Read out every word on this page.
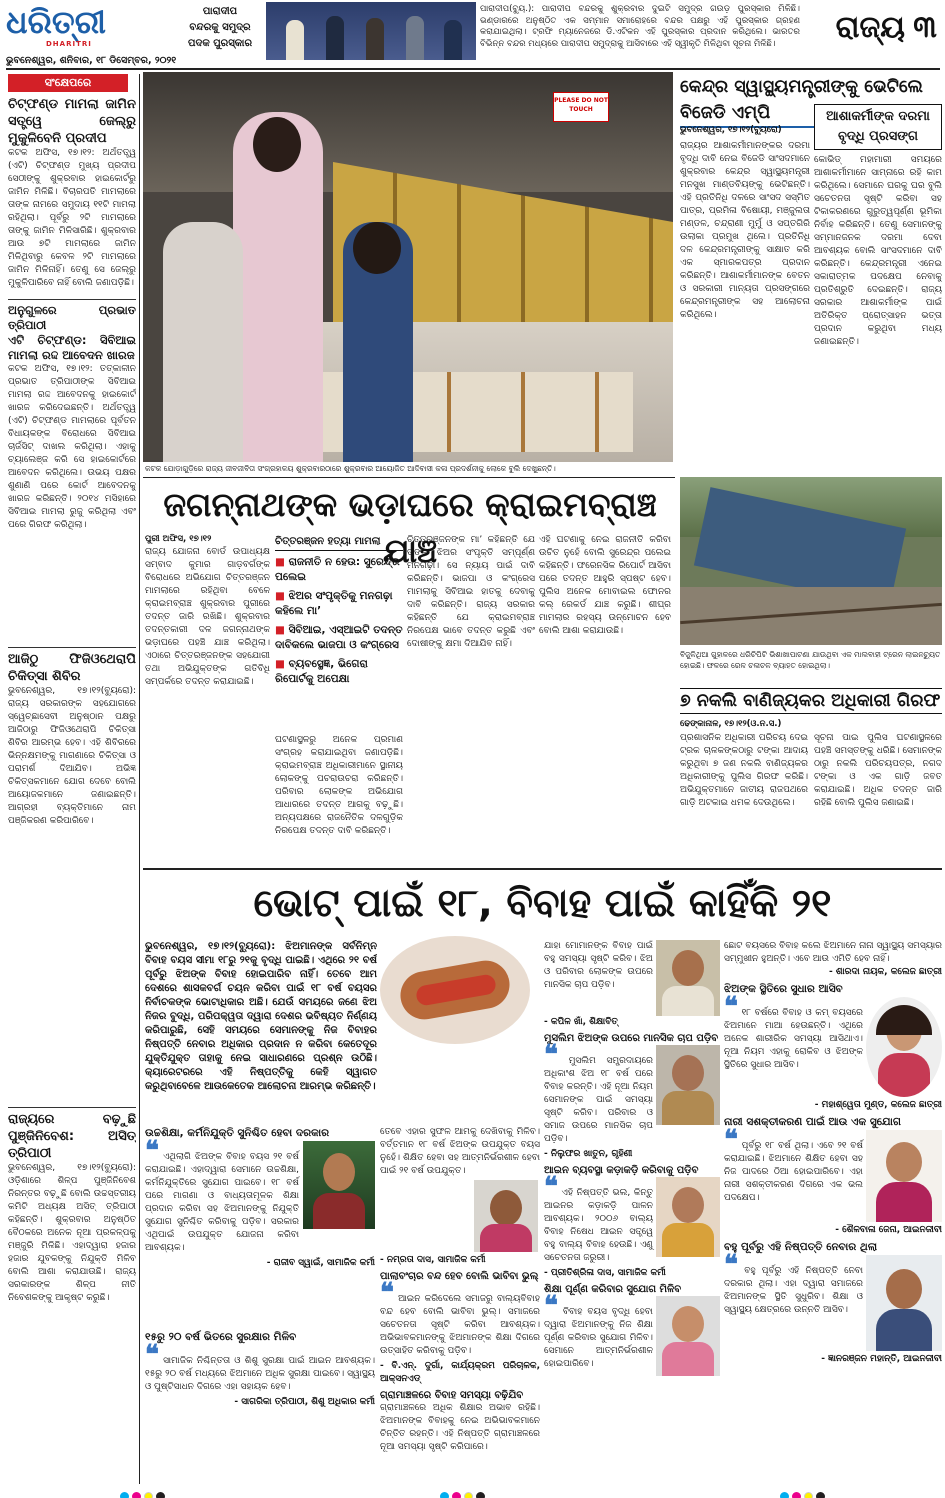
ଧରିତ୍ରୀ
DHARITRI
ପାରାଦୀପ
ବନ୍ଦରକୁ ସମୁଦ୍ର
ପଦକ ପୁରସ୍କାର
ପାରାଦୀପ(ବ୍ୟୁ.): ପାରାଦୀପ ବନ୍ଦରକୁ ଶୁକ୍ରବାର ଦୁଇଟି ସମୁଦ୍ର ଗଉଡ଼ ପୁରସ୍କାର ମିଳିଛି। ଭଣ୍ଡାରରେ ଅନୁଷ୍ଠିତ ଏକ ସମ୍ମାନ ସମାରୋହରେ ବନ୍ଦର ପକ୍ଷରୁ ଏହି ପୁରସ୍କାର ଗ୍ରହଣ କରାଯାଇଥିଲା। ଟ୍ରଫି ମ୍ୟାନେଜରେ ଡି.ଏଟିକନ ଏହି ପୁରସ୍କାର ପ୍ରଦାନ କରିଥିଲେ। ଭାରତର ବିଭିନ୍ନ ବନ୍ଦର ମଧ୍ୟରେ ପାରାଦୀପ ସମୁଦ୍ରାକୁ ଆସିବାରେ ଏହି ସ୍ୱୀକୃତି ମିଳିଥିବା ସୂଚନା ମିଳିଛି।	ରାଜ୍ୟ ୩
ଭୁବନେଶ୍ୱର, ଶନିବାର, ୧୮ ଡିସେମ୍ବର, ୨୦୨୧
ସଂକ୍ଷେପରେ
ଚିଟ୍‌ଫଣ୍ଡ ମାମଲା ଜାମିନ ସତ୍ତ୍ୱେ ଜେଲ୍‌ରୁ ମୁକୁଳିବେନି ପ୍ରଦୀପ

କଟକ ଅଫିସ, ୧୭।୧୨: ଅର୍ଥତତ୍ତ୍ୱ (ଏଟି) ଚିଟ୍‌ଫଣ୍ଡ ମୁଖ୍ୟ ପ୍ରଦୀପ ସେଠୀଙ୍କୁ ଶୁକ୍ରବାର ହାଇକୋର୍ଟରୁ ଜାମିନ ମିଳିଛି। ବିଚାରପତି ମାମଲାରେ ତାଙ୍କ ନାମରେ ସମୁଦାୟ ୧୧ଟି ମାମଲା ରହିଥିଲା। ପୂର୍ବରୁ ୨ଟି ମାମଲାରେ ତାଙ୍କୁ ଜାମିନ ମିଳିସାରିଛି। ଶୁକ୍ରବାର ଆଉ ୭ଟି ମାମଲାରେ ଜାମିନ ମିଳିଥିବାରୁ କେବଳ ୨ଟି ମାମଲାରେ ଜାମିନ ମିଳିନାହିଁ। ତେଣୁ ସେ ଜେଲ୍‌ରୁ ମୁକୁଳିପାରିବେ ନାହିଁ ବୋଲି ଜଣାପଡ଼ିଛି।

ଅନୁଗୁଳରେ ପ୍ରଭାତ ତ୍ରିପାଠୀ
ଏଟି ଚିଟ୍‌ଫଣ୍ଡ: ସିବିଆଇ ମାମଲା ରଦ୍ଦ ଆବେଦନ ଖାରଜ

କଟକ ଅଫିସ, ୧୭।୧୨: ତତ୍କାଳୀନ ପ୍ରଭାତ ତ୍ରିପାଠୀଙ୍କ ସିବିଆଇ ମାମଲା ରଦ୍ଦ ଆବେଦନକୁ ହାଇକୋର୍ଟ ଖାରଜ କରିଦେଇଛନ୍ତି। ଅର୍ଥତତ୍ତ୍ୱ (ଏଟି) ଚିଟ୍‌ଫଣ୍ଡ ମାମଲାରେ ପୂର୍ବତନ ବିଧାୟକଙ୍କ ବିରୋଧରେ ସିବିଆଇ ଚାର୍ଜସିଟ୍ ଦାଖଲ କରିଥିଲା। ଏହାକୁ ଚ୍ୟାଲେଞ୍ଜ କରି ସେ ହାଇକୋର୍ଟରେ ଆବେଦନ କରିଥିଲେ। ଉଭୟ ପକ୍ଷର ଶୁଣାଣି ପରେ କୋର୍ଟ ଆବେଦନକୁ ଖାରଜ କରିଛନ୍ତି। ୨୦୧୪ ମସିହାରେ ସିବିଆଇ ମାମଲା ରୁଜୁ କରିଥିଲା ଏବଂ ପରେ ଗିରଫ କରିଥିଲା।

ଆଜିଠୁ ଫିଜିଓଥେରାପି ଚିକିତ୍ସା ଶିବିର

ଭୁବନେଶ୍ୱର, ୧୭।୧୨(ବ୍ୟୁରୋ): ରାଜ୍ୟ ସରକାରଙ୍କ ସହଯୋଗରେ ସ୍ୱେଚ୍ଛାସେବୀ ଅନୁଷ୍ଠାନ ପକ୍ଷରୁ ଆଜିଠାରୁ ଫିଜିଓଥେରାପି ଚିକିତ୍ସା ଶିବିର ଆରମ୍ଭ ହେବ। ଏହି ଶିବିରରେ ଭିନ୍ନକ୍ଷମଙ୍କୁ ମାଗଣାରେ ଚିକିତ୍ସା ଓ ପରାମର୍ଶ ଦିଆଯିବ। ଅଭିଜ୍ଞ ଚିକିତ୍ସକମାନେ ଯୋଗ ଦେବେ ବୋଲି ଆୟୋଜକମାନେ ଜଣାଇଛନ୍ତି। ଆଗ୍ରହୀ ବ୍ୟକ୍ତିମାନେ ନାମ ପଞ୍ଜିକରଣ କରିପାରିବେ।

ରାଜ୍ୟରେ ବଢ଼ୁଛି ପୁଞ୍ଜିନିବେଶ: ଅସିତ୍ ତ୍ରିପାଠୀ

ଭୁବନେଶ୍ୱର, ୧୭।୧୨(ବ୍ୟୁରୋ): ଓଡ଼ିଶାରେ ଶିଳ୍ପ ପୁଞ୍ଜିନିବେଶ ନିରନ୍ତର ବଢ଼ୁଛି ବୋଲି ଉଚ୍ଚସ୍ତରୀୟ କମିଟି ଅଧ୍ୟକ୍ଷ ଅସିତ୍ ତ୍ରିପାଠୀ କହିଛନ୍ତି। ଶୁକ୍ରବାର ଅନୁଷ୍ଠିତ ବୈଠକରେ ଅନେକ ନୂଆ ପ୍ରକଳ୍ପକୁ ମଞ୍ଜୁରି ମିଳିଛି। ଏହାଦ୍ୱାରା ହଜାର ହଜାର ଯୁବକଙ୍କୁ ନିଯୁକ୍ତି ମିଳିବ ବୋଲି ଆଶା କରାଯାଉଛି। ରାଜ୍ୟ ସରକାରଙ୍କ ଶିଳ୍ପ ନୀତି ନିବେଶକଙ୍କୁ ଆକୃଷ୍ଟ କରୁଛି।

PLEASE DO NOT TOUCH
କଟକ ଯୋଡ଼ାଗୁଡ଼ିରେ ରାଜ୍ୟ ଜୀବଜୀବିତା ସଂଗ୍ରହାଳୟ ଶୁକ୍ରବାରଠାରେ ଶୁକ୍ରବାର ଆୟୋଜିତ ଆଦିବାସୀ କଳା ପ୍ରଦର୍ଶନୀକୁ ଲୋକେ ବୁଲି ଦେଖୁଛନ୍ତି।
କେନ୍ଦ୍ର ସ୍ୱାସ୍ଥ୍ୟମନ୍ତ୍ରୀଙ୍କୁ ଭେଟିଲେ ବିଜେଡି ଏମ୍‌ପି
ଭୁବନେଶ୍ୱର, ୧୭।୧୨(ବ୍ୟୁରୋ)
ଆଶାକର୍ମୀଙ୍କ ଦରମା ବୃଦ୍ଧି ପ୍ରସଙ୍ଗ
ରାଜ୍ୟର ଆଶାକର୍ମୀମାନଙ୍କର ଦରମା ବୃଦ୍ଧି ଦାବି ନେଇ ବିଜେଡି ସାଂସଦମାନେ ଶୁକ୍ରବାର କେନ୍ଦ୍ର ସ୍ୱାସ୍ଥ୍ୟମନ୍ତ୍ରୀ ମନସୁଖ ମାଣ୍ଡବିୟଙ୍କୁ ଭେଟିଛନ୍ତି। ଏହି ପ୍ରତିନିଧି ଦଳରେ ସାଂସଦ ସସ୍ମିତ ପାତ୍ର, ପ୍ରମିଳା ବିଷୋୟୀ, ମଞ୍ଜୁଲତା ମଣ୍ଡଳ, ଚନ୍ଦ୍ରାଣୀ ମୁର୍ମୁ ଓ ସପ୍ତଗିରି ଉଲାକା ପ୍ରମୁଖ ଥିଲେ। ପ୍ରତିନିଧି ଦଳ କେନ୍ଦ୍ରମନ୍ତ୍ରୀଙ୍କୁ ସାକ୍ଷାତ କରି ଏକ ସ୍ମାରକପତ୍ର ପ୍ରଦାନ କରିଛନ୍ତି। ଆଶାକର୍ମୀମାନଙ୍କ ବେତନ ଓ ସରକାରୀ ମାନ୍ୟତା ପ୍ରସଙ୍ଗରେ କେନ୍ଦ୍ରମନ୍ତ୍ରୀଙ୍କ ସହ ଆଲୋଚନା କରିଥିଲେ।
କୋଭିଡ୍ ମହାମାରୀ ସମୟରେ ଆଶାକର୍ମୀମାନେ ସାମ୍ନାରେ ରହି କାମ କରିଥିଲେ। ସେମାନେ ଘରକୁ ଘର ବୁଲି ସଚେତନତା ସୃଷ୍ଟି କରିବା ସହ ଟିକାକରଣରେ ଗୁରୁତ୍ୱପୂର୍ଣ୍ଣ ଭୂମିକା ନିର୍ବାହ କରିଛନ୍ତି। ତେଣୁ ସେମାନଙ୍କୁ ସମ୍ମାନଜନକ ଦରମା ଦେବା ଆବଶ୍ୟକ ବୋଲି ସାଂସଦମାନେ ଦାବି କରିଛନ୍ତି। କେନ୍ଦ୍ରମନ୍ତ୍ରୀ ଏନେଇ ସକାରାତ୍ମକ ପଦକ୍ଷେପ ନେବାକୁ ପ୍ରତିଶ୍ରୁତି ଦେଇଛନ୍ତି। ରାଜ୍ୟ ସରକାର ଆଶାକର୍ମୀଙ୍କ ପାଇଁ ଅତିରିକ୍ତ ପ୍ରୋତ୍ସାହନ ଭତ୍ତା ପ୍ରଦାନ କରୁଥିବା ମଧ୍ୟ ଜଣାଇଛନ୍ତି।
ଜଗନ୍ନାଥଙ୍କ ଭଡ଼ାଘରେ କ୍ରାଇମବ୍ରାଞ୍ଚ ଯାଞ୍ଚ
ପୁରୀ ଅଫିସ, ୧୭।୧୨
ରାଜ୍ୟ ଯୋଜନା ବୋର୍ଡ ଉପାଧ୍ୟକ୍ଷ ସମ୍ବାଦ କୁମାର ଗାଡ଼ବର୍ଗଙ୍କ ବିରୋଧରେ ଅଭିଯୋଗ ଚିତ୍ତରଞ୍ଜନ ମାମଲାରେ ରହିଥିବା ବେଳେ କ୍ରାଇମବ୍ରାଞ୍ଚ ଶୁକ୍ରବାର ପୁରୀରେ ତଦନ୍ତ ଜାରି ରଖିଛି। ଶୁକ୍ରବାର ତଦନ୍ତକାରୀ ଦଳ ଜଗନ୍ନାଥଙ୍କ ଭଡ଼ାଘରେ ପହଞ୍ଚି ଯାଞ୍ଚ କରିଥିଲା। ଏଠାରେ ଚିତ୍ତରଞ୍ଜନଙ୍କ ସହଯୋଗୀ ତଥା ଅଭିଯୁକ୍ତଙ୍କ ଗତିବିଧି ସମ୍ପର୍କରେ ତଦନ୍ତ କରାଯାଇଛି।
ଚିତ୍ତରଞ୍ଜନ ହତ୍ୟା ମାମଲା
■ ରାଜନୀତି ନ ହେଉ: ସୁରେନ୍ଦ୍ର ପଲେଇ
■ ଝିଅର ସଂପୃକ୍ତିକୁ ମନଗଢ଼ା କହିଲେ ମା’
■ ସିବିଆଇ, ଏସ୍‌ଆଇଟି ତଦନ୍ତ ଦାବିକଲେ ଭାଜପା ଓ କଂଗ୍ରେସ
■ ବ୍ୟବସ୍ଥେଜ୍ଞ, ଭିଗେରା ରିପୋର୍ଟକୁ ଅପେକ୍ଷା
ଘଟଣାସ୍ଥଳରୁ ଅନେକ ପ୍ରମାଣ ସଂଗ୍ରହ କରାଯାଇଥିବା ଜଣାପଡ଼ିଛି। କ୍ରାଇମବ୍ରାଞ୍ଚ ଅଧିକାରୀମାନେ ସ୍ଥାନୀୟ ଲୋକଙ୍କୁ ପଚରାଉଚରା କରିଛନ୍ତି। ପରିବାର ଲୋକଙ୍କ ଅଭିଯୋଗ ଆଧାରରେ ତଦନ୍ତ ଆଗକୁ ବଢ଼ୁଛି। ଅନ୍ୟପକ୍ଷରେ ରାଜନୈତିକ ଦଳଗୁଡ଼ିକ ନିରପେକ୍ଷ ତଦନ୍ତ ଦାବି କରିଛନ୍ତି।
ଚିତ୍ତରଞ୍ଜନଙ୍କ ମା’ କହିଛନ୍ତି ଯେ ତାଙ୍କ ଝିଅର ସଂପୃକ୍ତି ସମ୍ପୂର୍ଣ୍ଣ ମନଗଢ଼ା। ସେ ନ୍ୟାୟ ପାଇଁ ଦାବି କରିଛନ୍ତି। ଭାଜପା ଓ କଂଗ୍ରେସ ମାମଲାକୁ ସିବିଆଇ ହାତକୁ ଦେବାକୁ ଦାବି କରିଛନ୍ତି। ରାଜ୍ୟ ସରକାର କହିଛନ୍ତି ଯେ କ୍ରାଇମବ୍ରାଞ୍ଚ ନିରପେକ୍ଷ ଭାବେ ତଦନ୍ତ କରୁଛି ଏବଂ ଦୋଷୀଙ୍କୁ କ୍ଷମା ଦିଆଯିବ ନାହିଁ।
ଏହି ଘଟଣାକୁ ନେଇ ରାଜନୀତି କରିବା ଉଚିତ ନୁହେଁ ବୋଲି ସୁରେନ୍ଦ୍ର ପଲେଇ କହିଛନ୍ତି। ଫରେନସିକ ରିପୋର୍ଟ ଆସିବା ପରେ ତଦନ୍ତ ଆହୁରି ସ୍ପଷ୍ଟ ହେବ। ପୁଲିସ ଅନେକ ମୋବାଇଲ ଫୋନର କଲ୍ ରେକର୍ଡ ଯାଞ୍ଚ କରୁଛି। ଶୀଘ୍ର ମାମଲାର ରହସ୍ୟ ଉନ୍ମୋଚନ ହେବ ବୋଲି ଆଶା କରାଯାଉଛି।
ବିଜୁଳିଥିଆ ଗୁହାଳରେ ଧରିଚିପିଟି ଭିଶାଖାପାଟଣା ଯାଉଥିବା ଏକ ମାଲବାହୀ ଟ୍ରେନ ଲାଇନଚ୍ୟୁତ ହୋଇଛି। ଫଳରେ ରେଳ ଚଳାଚଳ ବ୍ୟାହତ ହୋଇଥିଲା।
୭ ନକଲି ବାଣିଜ୍ୟକର ଅଧିକାରୀ ଗିରଫ
ଢେଙ୍କାନାଳ, ୧୭।୧୨(ଓ.ନ.ସ.)
ପ୍ରଶାସନିକ ଅଧିକାରୀ ପରିଚୟ ଦେଇ ଟ୍ରକ ଚାଳକଙ୍କଠାରୁ ଟଙ୍କା ଆଦାୟ କରୁଥିବା ୭ ଜଣ ନକଲି ବାଣିଜ୍ୟକର ଅଧିକାରୀଙ୍କୁ ପୁଲିସ ଗିରଫ କରିଛି। ଅଭିଯୁକ୍ତମାନେ ଜାତୀୟ ରାଜପଥରେ ଗାଡ଼ି ଅଟକାଇ ଧମକ ଦେଉଥିଲେ।
ସୂଚନା ପାଇ ପୁଲିସ ଘଟଣାସ୍ଥଳରେ ପହଞ୍ଚି ସମସ୍ତଙ୍କୁ ଧରିଛି। ସେମାନଙ୍କ ଠାରୁ ନକଲି ପରିଚୟପତ୍ର, ନଗଦ ଟଙ୍କା ଓ ଏକ ଗାଡ଼ି ଜବତ କରାଯାଇଛି। ଅଧିକ ତଦନ୍ତ ଜାରି ରହିଛି ବୋଲି ପୁଲିସ ଜଣାଇଛି।
ଭୋଟ୍ ପାଇଁ ୧୮, ବିବାହ ପାଇଁ କାହିଁକି ୨୧
ଭୁବନେଶ୍ୱର, ୧୭।୧୨(ବ୍ୟୁରୋ): ଝିଅମାନଙ୍କ ସର୍ବନିମ୍ନ ବିବାହ ବୟସ ସୀମା ୧୮ରୁ ୨୧କୁ ବୃଦ୍ଧି ପାଇଛି। ଏଥିରେ ୨୧ ବର୍ଷ ପୂର୍ବରୁ ଝିଅଙ୍କ ବିବାହ ହୋଇପାରିବ ନାହିଁ। ତେବେ ଆମ ଦେଶରେ ଶାସକବର୍ଗ ଚୟନ କରିବା ପାଇଁ ୧୮ ବର୍ଷ ବୟସର ନିର୍ବାଚକଙ୍କ ଭୋଟାଧିକାର ଅଛି। ଯେଉଁ ସମୟରେ ଜଣେ ଝିଅ ନିଜର ବୁଦ୍ଧି, ପରିପକ୍ୱତା ଦ୍ୱାରା ଦେଶର ଭବିଷ୍ୟତ ନିର୍ଣ୍ଣୟ କରିପାରୁଛି, ସେହି ସମୟରେ ସେମାନଙ୍କୁ ନିଜ ବିବାହର ନିଷ୍ପତ୍ତି ନେବାର ଅଧିକାର ପ୍ରଦାନ ନ କରିବା କେତେଦୂର ଯୁକ୍ତିଯୁକ୍ତ ତାହାକୁ ନେଇ ସାଧାରଣରେ ପ୍ରଶ୍ନ ଉଠିଛି। କ୍ୟାରେଟରରେ ଏହି ନିଷ୍ପତ୍ତିକୁ କେହି ସ୍ୱାଗତ କରୁଥିବାବେଳେ ଆଉକେତେକ ଆଲୋଚନା ଆରମ୍ଭ କରିଛନ୍ତି।
ଉଚ୍ଚଶିକ୍ଷା, କର୍ମନିଯୁକ୍ତି ସୁନିଶ୍ଚିତ ହେବା ଦରକାର
❝ ଏଥିଲାଗି ଝିଅଙ୍କ ବିବାହ ବୟସ ୨୧ ବର୍ଷ କରାଯାଇଛି। ଏହାଦ୍ୱାରା ସେମାନେ ଉଚ୍ଚଶିକ୍ଷା, କର୍ମନିଯୁକ୍ତିରେ ସୁଯୋଗ ପାଇବେ। ୧୮ ବର୍ଷ ପରେ ମାଗଣା ଓ ବାଧ୍ୟତାମୂଳକ ଶିକ୍ଷା ପ୍ରଦାନ କରିବା ସହ ଝିଅମାନଙ୍କୁ ନିଯୁକ୍ତି ସୁଯୋଗ ସୁନିଶ୍ଚିତ କରିବାକୁ ପଡ଼ିବ। ସରକାର ଏଥିପାଇଁ ଉପଯୁକ୍ତ ଯୋଜନା କରିବା ଆବଶ୍ୟକ।
- ରାଜୀବ ସ୍ୱାଇଁ, ସାମାଜିକ କର୍ମୀ
୧୫ରୁ ୨୦ ବର୍ଷ ଭିତରେ ସୁରକ୍ଷାର ମିଳିବ
❝ ସାମାଜିକ ନିଶ୍ଚିନ୍ତତା ଓ ଶିଶୁ ସୁରକ୍ଷା ପାଇଁ ଆଇନ ଆବଶ୍ୟକ। ୧୫ରୁ ୨୦ ବର୍ଷ ମଧ୍ୟରେ ଝିଅମାନେ ଅଧିକ ସୁରକ୍ଷା ପାଇବେ। ସ୍ୱାସ୍ଥ୍ୟ ଓ ପୁଷ୍ଟିସାଧନ ଦିଗରେ ଏହା ସହାୟକ ହେବ।
- ସାଗରିକା ତ୍ରିପାଠୀ, ଶିଶୁ ଅଧିକାର କର୍ମୀ
ତେବେ ଏହାର ସୁଫଳ ଆମକୁ ଦେଖିବାକୁ ମିଳିବ। ବର୍ତ୍ତମାନ ୧୮ ବର୍ଷ ଝିଅଙ୍କ ଉପଯୁକ୍ତ ବୟସ ନୁହେଁ। ଶିକ୍ଷିତ ହେବା ସହ ଆତ୍ମନିର୍ଭରଶୀଳ ହେବା ପାଇଁ ୨୧ ବର୍ଷ ଉପଯୁକ୍ତ।
- ନମ୍ରତା ଦାସ, ସାମାଜିକ କର୍ମୀ
ପାଲାବଂଚାର ବନ୍ଦ ହେବ ବୋଲି ଭାବିବା ଭୁଲ୍
❝ ଆଇନ କରିଦେଲେ ସମାଜରୁ ବାଲ୍ୟବିବାହ ବନ୍ଦ ହେବ ବୋଲି ଭାବିବା ଭୁଲ୍। ସମାଜରେ ସଚେତନତା ସୃଷ୍ଟି କରିବା ଆବଶ୍ୟକ। ଅଭିଭାବକମାନଙ୍କୁ ଝିଅମାନଙ୍କ ଶିକ୍ଷା ଦିଗରେ ଉତ୍ସାହିତ କରିବାକୁ ପଡ଼ିବ।
- ବି.ଏନ୍. ଦୁର୍ଗା, କାର୍ଯ୍ୟକ୍ରମ ପରିଚାଳକ, ଆକ୍ସନଏଡ୍
ଗ୍ରାମାଞ୍ଚଳରେ ବିବାହ ସମସ୍ୟା ବଢ଼ିଯିବ
ଗ୍ରାମାଞ୍ଚଳରେ ଅଧିକ ଶିକ୍ଷାର ଅଭାବ ରହିଛି। ଝିଅମାନଙ୍କ ବିବାହକୁ ନେଇ ଅଭିଭାବକମାନେ ଚିନ୍ତିତ ରହନ୍ତି। ଏହି ନିଷ୍ପତ୍ତି ଗ୍ରାମାଞ୍ଚଳରେ ନୂଆ ସମସ୍ୟା ସୃଷ୍ଟି କରିପାରେ।
ଯାହା ମୋମାନଙ୍କ ବିବାହ ପାଇଁ ବହୁ ସମସ୍ୟା ସୃଷ୍ଟି କରିବ। ଝିଅ ଓ ପରିବାର ଲୋକଙ୍କ ଉପରେ ମାନସିକ ଚାପ ପଡ଼ିବ।
- କପିଳ ଖାଁ, ଶିକ୍ଷାବିତ୍
ମୁସଲିମ ଝିଅଙ୍କ ଉପରେ ମାନସିକ ଚାପ ପଡ଼ିବ
❝ ମୁସଲିମ ସମ୍ପ୍ରଦାୟରେ ଅଧିକାଂଶ ଝିଅ ୧୮ ବର୍ଷ ପରେ ବିବାହ କରନ୍ତି। ଏହି ନୂଆ ନିୟମ ସେମାନଙ୍କ ପାଇଁ ସମସ୍ୟା ସୃଷ୍ଟି କରିବ। ପରିବାର ଓ ସମାଜ ଉପରେ ମାନସିକ ଚାପ ପଡ଼ିବ।
- ନିଲୁଫର ଖାତୁନ, ଗୃହିଣୀ
ଆଇନ ବ୍ୟବସ୍ଥା କଡ଼ାକଡ଼ି କରିବାକୁ ପଡ଼ିବ
❝ ଏହି ନିଷ୍ପତ୍ତି ଭଲ, କିନ୍ତୁ ଆଇନର କଡ଼ାକଡ଼ି ପାଳନ ଆବଶ୍ୟକ। ୨୦୦୬ ବାଲ୍ୟ ବିବାହ ନିଷେଧ ଆଇନ ସତ୍ତ୍ୱେ ବହୁ ବାଲ୍ୟ ବିବାହ ହେଉଛି। ଏଣୁ ସଚେତନତା ଜରୁରୀ।
- ପ୍ରୀତିଶ୍ରିଳା ଦାସ, ସାମାଜିକ କର୍ମୀ
ଶିକ୍ଷା ପୂର୍ଣ୍ଣ କରିବାର ସୁଯୋଗ ମିଳିବ
❝ ବିବାହ ବୟସ ବୃଦ୍ଧି ହେବା ଦ୍ୱାରା ଝିଅମାନଙ୍କୁ ନିଜ ଶିକ୍ଷା ପୂର୍ଣ୍ଣ କରିବାର ସୁଯୋଗ ମିଳିବ। ସେମାନେ ଆତ୍ମନିର୍ଭରଶୀଳ ହୋଇପାରିବେ।
ଛୋଟ ବୟସରେ ବିବାହ କଲେ ଝିଅମାନେ ନାନା ସ୍ୱାସ୍ଥ୍ୟ ସମସ୍ୟାର ସମ୍ମୁଖୀନ ହୁଅନ୍ତି। ଏବେ ଆଉ ଏମିତି ହେବ ନାହିଁ।
- ଶାରଦା ନାୟକ, କଲେଜ ଛାତ୍ରୀ
ଝିଅଙ୍କ ସ୍ଥିତିରେ ସୁଧାର ଆସିବ
❝ ୧୮ ବର୍ଷରେ ବିବାହ ଓ କମ୍ ବୟସରେ ଝିଅମାନେ ମାଆ ହେଉଛନ୍ତି। ଏଥିରେ ଅନେକ ଶାରୀରିକ ସମସ୍ୟା ଆସିଥାଏ। ନୂଆ ନିୟମ ଏହାକୁ ରୋକିବ ଓ ଝିଅଙ୍କ ସ୍ଥିତିରେ ସୁଧାର ଆସିବ।
- ମହାଶ୍ୱେତା ମୁଣ୍ଡ, କଲେଜ ଛାତ୍ରୀ
ନାରୀ ସଶକ୍ତୀକରଣ ପାଇଁ ଆଉ ଏକ ସୁଯୋଗ
❝ ପୂର୍ବରୁ ୧୮ ବର୍ଷ ଥିଲା। ଏବେ ୨୧ ବର୍ଷ କରାଯାଇଛି। ଝିଅମାନେ ଶିକ୍ଷିତ ହେବା ସହ ନିଜ ପାଦରେ ଠିଆ ହୋଇପାରିବେ। ଏହା ନାରୀ ସଶକ୍ତୀକରଣ ଦିଗରେ ଏକ ଭଲ ପଦକ୍ଷେପ।
- ଶୈଳବାଳା ଜେନା, ଆଇନଜୀବୀ
ବହୁ ପୂର୍ବରୁ ଏହି ନିଷ୍ପତ୍ତି ନେବାର ଥିଲା
❝ ବହୁ ପୂର୍ବରୁ ଏହି ନିଷ୍ପତ୍ତି ନେବା ଦରକାର ଥିଲା। ଏହା ଦ୍ୱାରା ସମାଜରେ ଝିଅମାନଙ୍କ ସ୍ଥିତି ସୁଧୁରିବ। ଶିକ୍ଷା ଓ ସ୍ୱାସ୍ଥ୍ୟ କ୍ଷେତ୍ରରେ ଉନ୍ନତି ଆସିବ।
- ଜ୍ଞାନରଞ୍ଜନ ମହାନ୍ତି, ଆଇନଜୀବୀ
